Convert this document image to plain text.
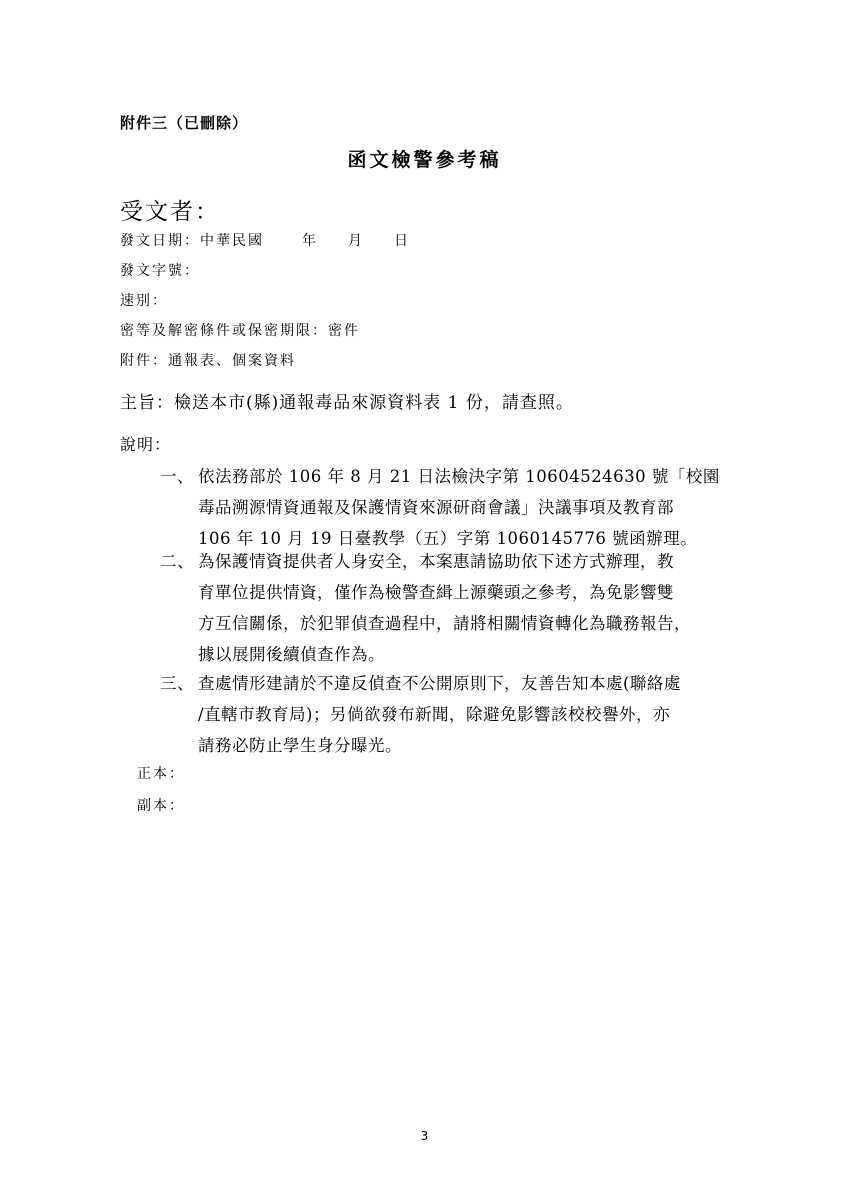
附件三（已刪除）
函文檢警參考稿
受文者：
發文日期：中華民國	年 月 日
發文字號：
速別：
密等及解密條件或保密期限：密件
附件：通報表、個案資料
主旨：檢送本市(縣)通報毒品來源資料表 1 份，請查照。
說明：
一、 依法務部於 106 年 8 月 21 日法檢決字第 10604524630 號「校園
毒品溯源情資通報及保護情資來源研商會議」決議事項及教育部
106 年 10 月 19 日臺教學（五）字第 1060145776 號函辦理。
二、 為保護情資提供者人身安全，本案惠請協助依下述方式辦理，教
育單位提供情資，僅作為檢警查緝上源藥頭之參考，為免影響雙
方互信關係，於犯罪偵查過程中，請將相關情資轉化為職務報告，
據以展開後續偵查作為。
三、 查處情形建請於不違反偵查不公開原則下，友善告知本處(聯絡處
/直轄市教育局)；另倘欲發布新聞，除避免影響該校校譽外，亦
請務必防止學生身分曝光。
正本：
副本：
3
